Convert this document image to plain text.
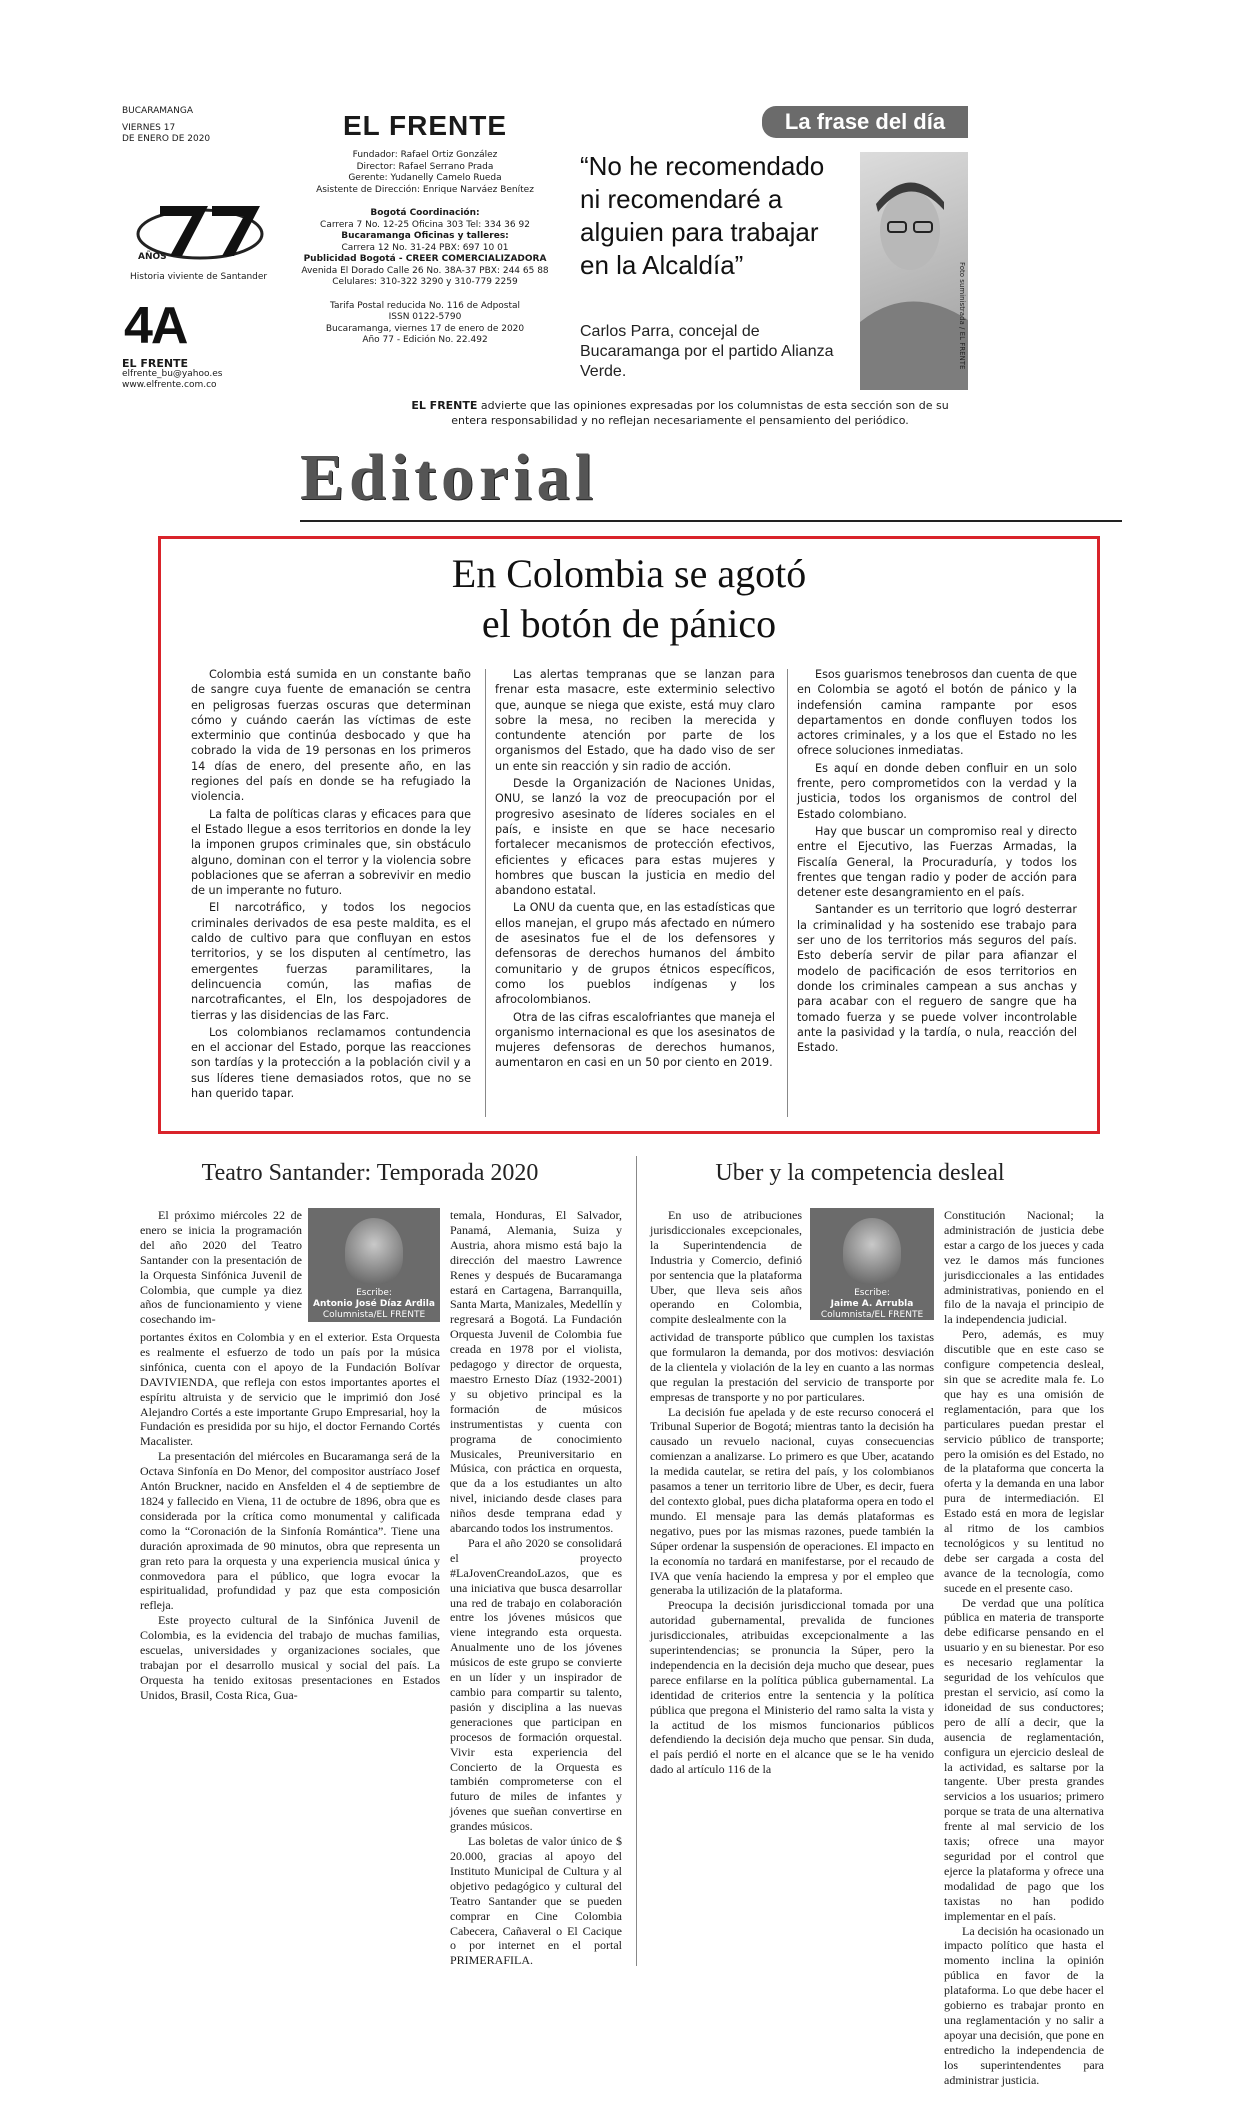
BUCARAMANGA
VIERNES 17
DE ENERO DE 2020
AÑOS
Historia viviente de Santander
4A
EL FRENTE
elfrente_bu@yahoo.es
www.elfrente.com.co
EL FRENTE

Fundador: Rafael Ortiz González

Director: Rafael Serrano Prada

Gerente: Yudanelly Camelo Rueda

Asistente de Dirección: Enrique Narváez Benítez

Bogotá Coordinación:

Carrera 7 No. 12-25 Oficina 303 Tel: 334 36 92

Bucaramanga Oficinas y talleres:

Carrera 12 No. 31-24 PBX: 697 10 01

Publicidad Bogotá - CREER COMERCIALIZADORA

Avenida El Dorado Calle 26 No. 38A-37 PBX: 244 65 88

Celulares: 310-322 3290 y 310-779 2259

Tarifa Postal reducida No. 116 de Adpostal

ISSN 0122-5790

Bucaramanga, viernes 17 de enero de 2020

Año 77 - Edición No. 22.492

La frase del día
“No he recomendado ni recomendaré a alguien para trabajar en la Alcaldía”
Carlos Parra, concejal de Bucaramanga por el partido Alianza Verde.
Foto suministrada / EL FRENTE
EL FRENTE advierte que las opiniones expresadas por los columnistas de esta sección son de su entera responsabilidad y no reflejan necesariamente el pensamiento del periódico.
Editorial
En Colombia se agotó
el botón de pánico

Colombia está sumida en un constante baño de sangre cuya fuente de emanación se centra en peligrosas fuerzas oscuras que determinan cómo y cuándo caerán las víctimas de este exterminio que continúa desbocado y que ha cobrado la vida de 19 personas en los primeros 14 días de enero, del presente año, en las regiones del país en donde se ha refugiado la violencia.

La falta de políticas claras y eficaces para que el Estado llegue a esos territorios en donde la ley la imponen grupos criminales que, sin obstáculo alguno, dominan con el terror y la violencia sobre poblaciones que se aferran a sobrevivir en medio de un imperante no futuro.

El narcotráfico, y todos los negocios criminales derivados de esa peste maldita, es el caldo de cultivo para que confluyan en estos territorios, y se los disputen al centímetro, las emergentes fuerzas paramilitares, la delincuencia común, las mafias de narcotraficantes, el Eln, los despojadores de tierras y las disidencias de las Farc.

Los colombianos reclamamos contundencia en el accionar del Estado, porque las reacciones son tardías y la protección a la población civil y a sus líderes tiene demasiados rotos, que no se han querido tapar.

Las alertas tempranas que se lanzan para frenar esta masacre, este exterminio selectivo que, aunque se niega que existe, está muy claro sobre la mesa, no reciben la merecida y contundente atención por parte de los organismos del Estado, que ha dado viso de ser un ente sin reacción y sin radio de acción.

Desde la Organización de Naciones Unidas, ONU, se lanzó la voz de preocupación por el progresivo asesinato de líderes sociales en el país, e insiste en que se hace necesario fortalecer mecanismos de protección efectivos, eficientes y eficaces para estas mujeres y hombres que buscan la justicia en medio del abandono estatal.

La ONU da cuenta que, en las estadísticas que ellos manejan, el grupo más afectado en número de asesinatos fue el de los defensores y defensoras de derechos humanos del ámbito comunitario y de grupos étnicos específicos, como los pueblos indígenas y los afrocolombianos.

Otra de las cifras escalofriantes que maneja el organismo internacional es que los asesinatos de mujeres defensoras de derechos humanos, aumentaron en casi en un 50 por ciento en 2019.

Esos guarismos tenebrosos dan cuenta de que en Colombia se agotó el botón de pánico y la indefensión camina rampante por esos departamentos en donde confluyen todos los actores criminales, y a los que el Estado no les ofrece soluciones inmediatas.

Es aquí en donde deben confluir en un solo frente, pero comprometidos con la verdad y la justicia, todos los organismos de control del Estado colombiano.

Hay que buscar un compromiso real y directo entre el Ejecutivo, las Fuerzas Armadas, la Fiscalía General, la Procuraduría, y todos los frentes que tengan radio y poder de acción para detener este desangramiento en el país.

Santander es un territorio que logró desterrar la criminalidad y ha sostenido ese trabajo para ser uno de los territorios más seguros del país. Esto debería servir de pilar para afianzar el modelo de pacificación de esos territorios en donde los criminales campean a sus anchas y para acabar con el reguero de sangre que ha tomado fuerza y se puede volver incontrolable ante la pasividad y la tardía, o nula, reacción del Estado.

Teatro Santander: Temporada 2020
Escribe:
Antonio José Díaz Ardila
Columnista/EL FRENTE

El próximo miércoles 22 de enero se inicia la programación del año 2020 del Teatro Santander con la presentación de la Orquesta Sinfónica Juvenil de Colombia, que cumple ya diez años de funcionamiento y viene cosechando im-

portantes éxitos en Colombia y en el exterior. Esta Orquesta es realmente el esfuerzo de todo un país por la música sinfónica, cuenta con el apoyo de la Fundación Bolívar DAVIVIENDA, que refleja con estos importantes aportes el espíritu altruista y de servicio que le imprimió don José Alejandro Cortés a este importante Grupo Empresarial, hoy la Fundación es presidida por su hijo, el doctor Fernando Cortés Macalister.

La presentación del miércoles en Bucaramanga será de la Octava Sinfonía en Do Menor, del compositor austríaco Josef Antón Bruckner, nacido en Ansfelden el 4 de septiembre de 1824 y fallecido en Viena, 11 de octubre de 1896, obra que es considerada por la crítica como monumental y calificada como la “Coronación de la Sinfonía Romántica”. Tiene una duración aproximada de 90 minutos, obra que representa un gran reto para la orquesta y una experiencia musical única y conmovedora para el público, que logra evocar la espiritualidad, profundidad y paz que esta composición refleja.

Este proyecto cultural de la Sinfónica Juvenil de Colombia, es la evidencia del trabajo de muchas familias, escuelas, universidades y organizaciones sociales, que trabajan por el desarrollo musical y social del país. La Orquesta ha tenido exitosas presentaciones en Estados Unidos, Brasil, Costa Rica, Gua-

temala, Honduras, El Salvador, Panamá, Alemania, Suiza y Austria, ahora mismo está bajo la dirección del maestro Lawrence Renes y después de Bucaramanga estará en Cartagena, Barranquilla, Santa Marta, Manizales, Medellín y regresará a Bogotá. La Fundación Orquesta Juvenil de Colombia fue creada en 1978 por el violista, pedagogo y director de orquesta, maestro Ernesto Díaz (1932-2001) y su objetivo principal es la formación de músicos instrumentistas y cuenta con programa de conocimiento Musicales, Preuniversitario en Música, con práctica en orquesta, que da a los estudiantes un alto nivel, iniciando desde clases para niños desde temprana edad y abarcando todos los instrumentos.

Para el año 2020 se consolidará el proyecto #LaJovenCreandoLazos, que es una iniciativa que busca desarrollar una red de trabajo en colaboración entre los jóvenes músicos que viene integrando esta orquesta. Anualmente uno de los jóvenes músicos de este grupo se convierte en un líder y un inspirador de cambio para compartir su talento, pasión y disciplina a las nuevas generaciones que participan en procesos de formación orquestal. Vivir esta experiencia del Concierto de la Orquesta es también comprometerse con el futuro de miles de infantes y jóvenes que sueñan convertirse en grandes músicos.

Las boletas de valor único de $ 20.000, gracias al apoyo del Instituto Municipal de Cultura y al objetivo pedagógico y cultural del Teatro Santander que se pueden comprar en Cine Colombia Cabecera, Cañaveral o El Cacique o por internet en el portal PRIMERAFILA.

Uber y la competencia desleal
Escribe:
Jaime A. Arrubla
Columnista/EL FRENTE

En uso de atribuciones jurisdiccionales excepcionales, la Superintendencia de Industria y Comercio, definió por sentencia que la plataforma Uber, que lleva seis años operando en Colombia, compite deslealmente con la

actividad de transporte público que cumplen los taxistas que formularon la demanda, por dos motivos: desviación de la clientela y violación de la ley en cuanto a las normas que regulan la prestación del servicio de transporte por empresas de transporte y no por particulares.

La decisión fue apelada y de este recurso conocerá el Tribunal Superior de Bogotá; mientras tanto la decisión ha causado un revuelo nacional, cuyas consecuencias comienzan a analizarse. Lo primero es que Uber, acatando la medida cautelar, se retira del país, y los colombianos pasamos a tener un territorio libre de Uber, es decir, fuera del contexto global, pues dicha plataforma opera en todo el mundo. El mensaje para las demás plataformas es negativo, pues por las mismas razones, puede también la Súper ordenar la suspensión de operaciones. El impacto en la economía no tardará en manifestarse, por el recaudo de IVA que venía haciendo la empresa y por el empleo que generaba la utilización de la plataforma.

Preocupa la decisión jurisdiccional tomada por una autoridad gubernamental, prevalida de funciones jurisdiccionales, atribuidas excepcionalmente a las superintendencias; se pronuncia la Súper, pero la independencia en la decisión deja mucho que desear, pues parece enfilarse en la política pública gubernamental. La identidad de criterios entre la sentencia y la política pública que pregona el Ministerio del ramo salta la vista y la actitud de los mismos funcionarios públicos defendiendo la decisión deja mucho que pensar. Sin duda, el país perdió el norte en el alcance que se le ha venido dado al artículo 116 de la

Constitución Nacional; la administración de justicia debe estar a cargo de los jueces y cada vez le damos más funciones jurisdiccionales a las entidades administrativas, poniendo en el filo de la navaja el principio de la independencia judicial.

Pero, además, es muy discutible que en este caso se configure competencia desleal, sin que se acredite mala fe. Lo que hay es una omisión de reglamentación, para que los particulares puedan prestar el servicio público de transporte; pero la omisión es del Estado, no de la plataforma que concerta la oferta y la demanda en una labor pura de intermediación. El Estado está en mora de legislar al ritmo de los cambios tecnológicos y su lentitud no debe ser cargada a costa del avance de la tecnología, como sucede en el presente caso.

De verdad que una política pública en materia de transporte debe edificarse pensando en el usuario y en su bienestar. Por eso es necesario reglamentar la seguridad de los vehículos que prestan el servicio, así como la idoneidad de sus conductores; pero de allí a decir, que la ausencia de reglamentación, configura un ejercicio desleal de la actividad, es saltarse por la tangente. Uber presta grandes servicios a los usuarios; primero porque se trata de una alternativa frente al mal servicio de los taxis; ofrece una mayor seguridad por el control que ejerce la plataforma y ofrece una modalidad de pago que los taxistas no han podido implementar en el país.

La decisión ha ocasionado un impacto político que hasta el momento inclina la opinión pública en favor de la plataforma. Lo que debe hacer el gobierno es trabajar pronto en una reglamentación y no salir a apoyar una decisión, que pone en entredicho la independencia de los superintendentes para administrar justicia.
